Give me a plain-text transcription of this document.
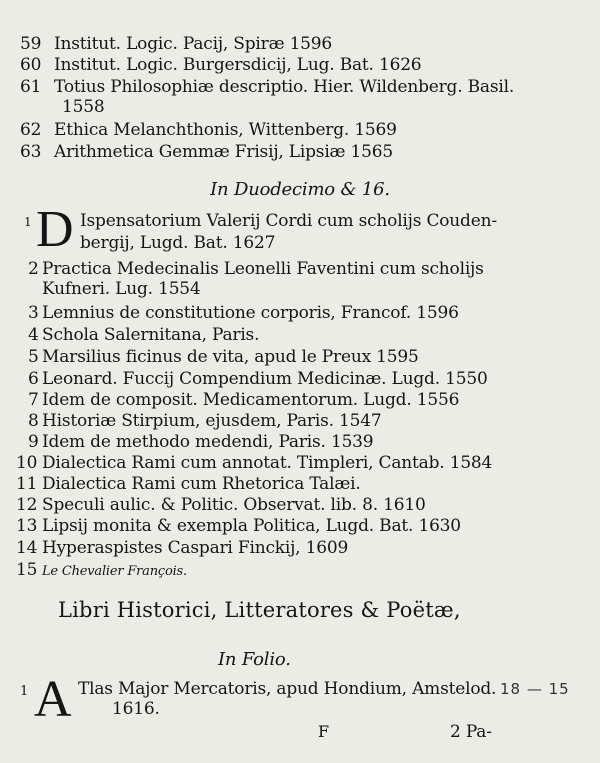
59 Institut. Logic. Pacij, Spiræ 1596
60 Institut. Logic. Burgersdicij, Lug. Bat. 1626
61 Totius Philosophiæ descriptio. Hier. Wildenberg. Basil.
1558
62 Ethica Melanchthonis, Wittenberg. 1569
63 Arithmetica Gemmæ Frisij, Lipsiæ 1565
In Duodecimo & 16.
1 D Ispensatorium Valerij Cordi cum scholijs Couden-
bergij, Lugd. Bat. 1627
2 Practica Medecinalis Leonelli Faventini cum scholijs
Kufneri. Lug. 1554
3 Lemnius de constitutione corporis, Francof. 1596
4 Schola Salernitana, Paris.
5 Marsilius ficinus de vita, apud le Preux 1595
6 Leonard. Fuccij Compendium Medicinæ. Lugd. 1550
7 Idem de composit. Medicamentorum. Lugd. 1556
8 Historiæ Stirpium, ejusdem, Paris. 1547
9 Idem de methodo medendi, Paris. 1539
10 Dialectica Rami cum annotat. Timpleri, Cantab. 1584
11 Dialectica Rami cum Rhetorica Talæi.
12 Speculi aulic. & Politic. Observat. lib. 8. 1610
13 Lipsij monita & exempla Politica, Lugd. Bat. 1630
14 Hyperaspistes Caspari Finckij, 1609
15 Le Chevalier François.
Libri Historici, Litteratores & Poëtæ,
In Folio.
1 A Tlas Major Mercatoris, apud Hondium, Amstelod. 18 — 15
1616.
F	2 Pa-
